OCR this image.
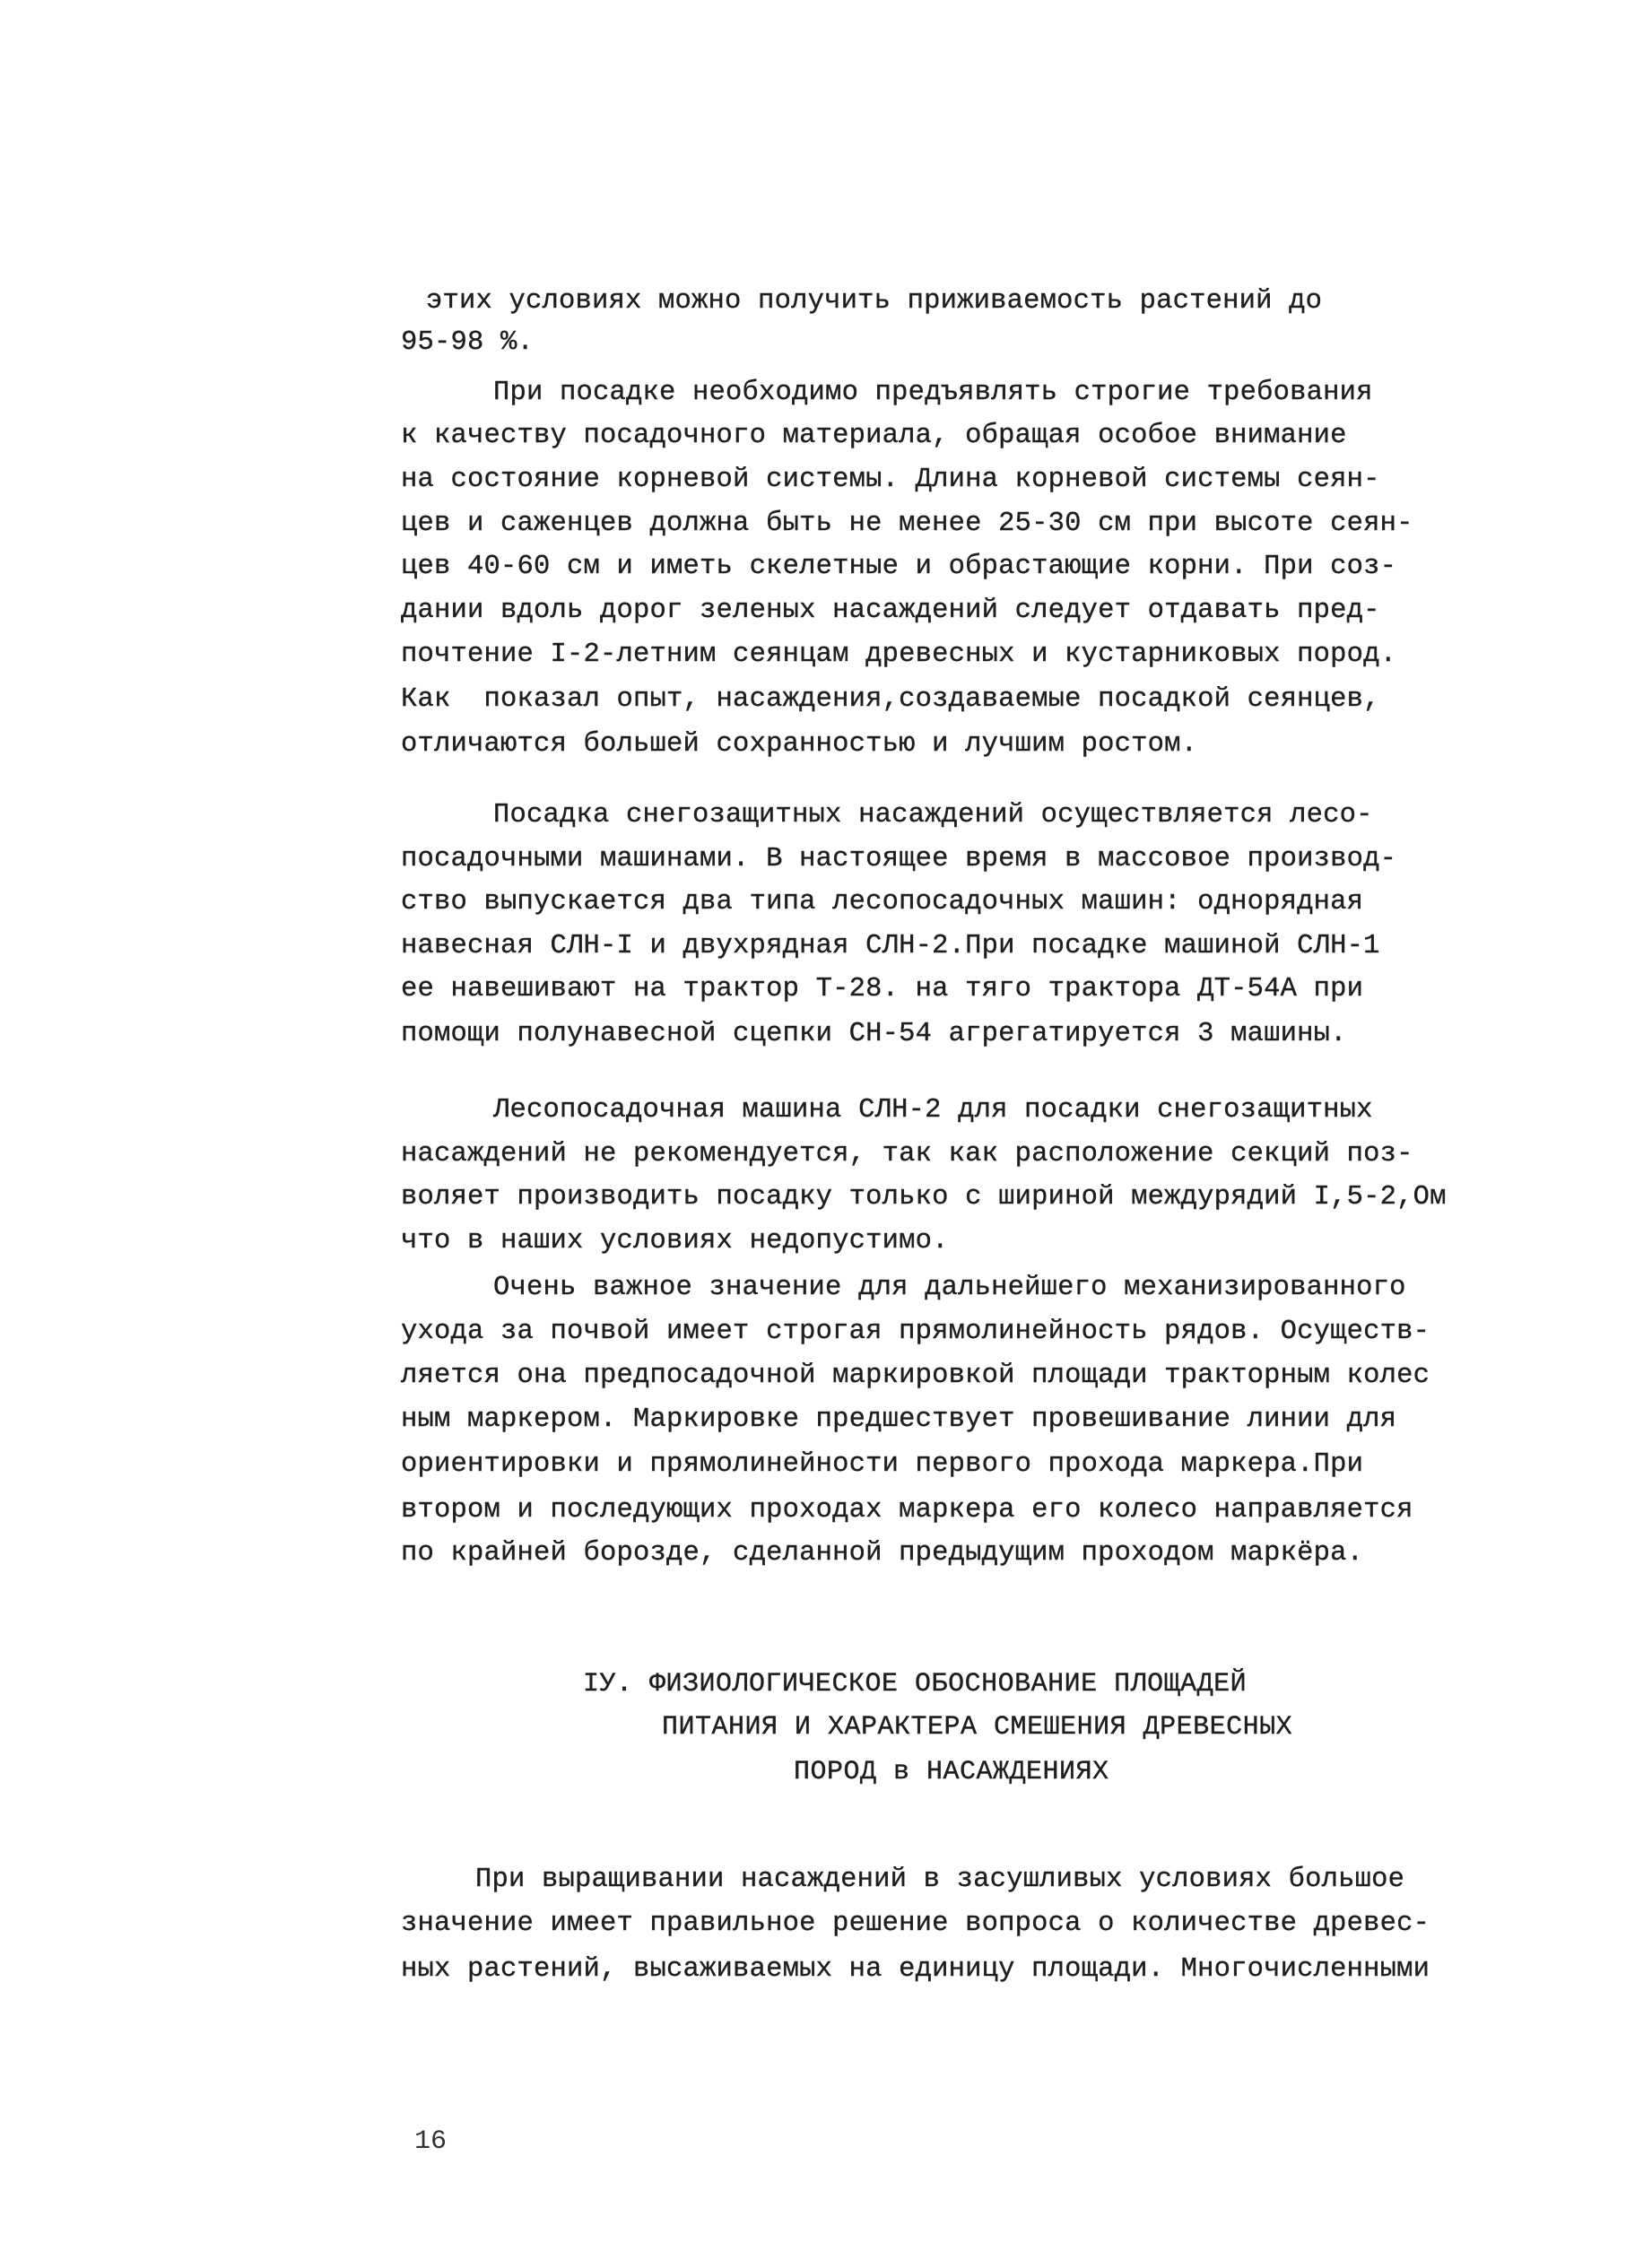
этих условиях можно получить приживаемость растений до
95-98 %.
При посадке необходимо предъявлять строгие требования
к качеству посадочного материала, обращая особое внимание
на состояние корневой системы. Длина корневой системы сеян-
цев и саженцев должна быть не менее 25-30 см при высоте сеян-
цев 40-60 см и иметь скелетные и обрастающие корни. При соз-
дании вдоль дорог зеленых насаждений следует отдавать пред-
почтение I-2-летним сеянцам древесных и кустарниковых пород.
Как  показал опыт, насаждения,создаваемые посадкой сеянцев,
отличаются большей сохранностью и лучшим ростом.
Посадка снегозащитных насаждений осуществляется лесо-
посадочными машинами. В настоящее время в массовое производ-
ство выпускается два типа лесопосадочных машин: однорядная
навесная СЛН-I и двухрядная СЛН-2.При посадке машиной СЛН-1
ее навешивают на трактор Т-28. на тяго трактора ДТ-54А при
помощи полунавесной сцепки СН-54 агрегатируется 3 машины.
Лесопосадочная машина СЛН-2 для посадки снегозащитных
насаждений не рекомендуется, так как расположение секций поз-
воляет производить посадку только с шириной междурядий I,5-2,Ом
что в наших условиях недопустимо.
Очень важное значение для дальнейшего механизированного
ухода за почвой имеет строгая прямолинейность рядов. Осуществ-
ляется она предпосадочной маркировкой площади тракторным колес
ным маркером. Маркировке предшествует провешивание линии для
ориентировки и прямолинейности первого прохода маркера.При
втором и последующих проходах маркера его колесо направляется
по крайней борозде, сделанной предыдущим проходом маркёра.
IУ. ФИЗИОЛОГИЧЕСКОЕ ОБОСНОВАНИЕ ПЛОЩАДЕЙ
ПИТАНИЯ И ХАРАКТЕРА СМЕШЕНИЯ ДРЕВЕСНЫХ
ПОРОД в НАСАЖДЕНИЯХ
При выращивании насаждений в засушливых условиях большое
значение имеет правильное решение вопроса о количестве древес-
ных растений, высаживаемых на единицу площади. Многочисленными
16
